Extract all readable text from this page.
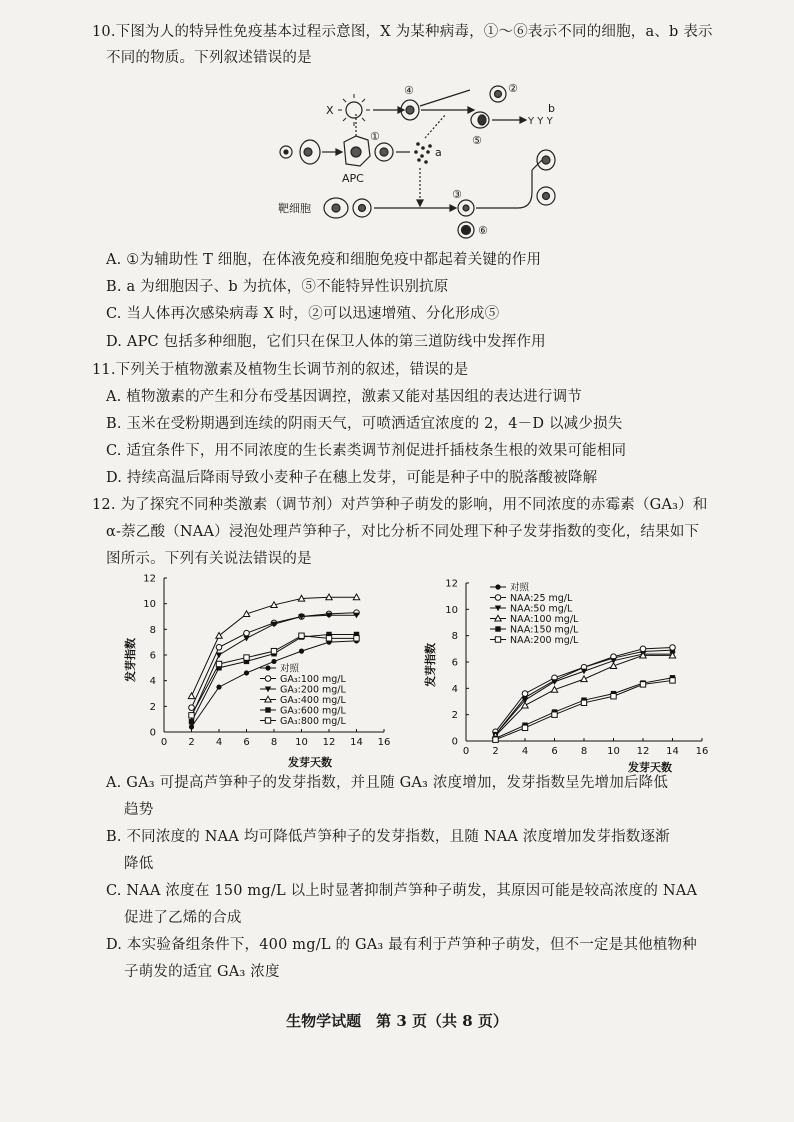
10.下图为人的特异性免疫基本过程示意图，X 为某种病毒，①～⑥表示不同的细胞，a、b 表示
不同的物质。下列叙述错误的是
Y Y Y
X
APC
靶细胞
a
b
①
②
③
④
⑤
⑥
A. ①为辅助性 T 细胞，在体液免疫和细胞免疫中都起着关键的作用
B. a 为细胞因子、b 为抗体，⑤不能特异性识别抗原
C. 当人体再次感染病毒 X 时，②可以迅速增殖、分化形成⑤
D. APC 包括多种细胞，它们只在保卫人体的第三道防线中发挥作用
11.下列关于植物激素及植物生长调节剂的叙述，错误的是
A. 植物激素的产生和分布受基因调控，激素又能对基因组的表达进行调节
B. 玉米在受粉期遇到连续的阴雨天气，可喷洒适宜浓度的 2，4－D 以减少损失
C. 适宜条件下，用不同浓度的生长素类调节剂促进扦插枝条生根的效果可能相同
D. 持续高温后降雨导致小麦种子在穗上发芽，可能是种子中的脱落酸被降解
12. 为了探究不同种类激素（调节剂）对芦笋种子萌发的影响，用不同浓度的赤霉素（GA₃）和
α-萘乙酸（NAA）浸泡处理芦笋种子，对比分析不同处理下种子发芽指数的变化，结果如下
图所示。下列有关说法错误的是
0 2 4 6 8 10 12 14 16
0
2
4
6
8
10
12
发芽天数
发芽指数	对照
GA₃:100 mg/L
GA₃:200 mg/L
GA₃:400 mg/L
GA₃:600 mg/L
GA₃:800 mg/L
0 2 4 6 8 10 12 14 16
0
2
4
6
8
10
12
发芽天数
发芽指数
对照
NAA:25 mg/L
NAA:50 mg/L
NAA:100 mg/L
NAA:150 mg/L
NAA:200 mg/L
A. GA₃ 可提高芦笋种子的发芽指数，并且随 GA₃ 浓度增加，发芽指数呈先增加后降低
趋势
B. 不同浓度的 NAA 均可降低芦笋种子的发芽指数，且随 NAA 浓度增加发芽指数逐渐
降低
C. NAA 浓度在 150 mg/L 以上时显著抑制芦笋种子萌发，其原因可能是较高浓度的 NAA
促进了乙烯的合成
D. 本实验备组条件下，400 mg/L 的 GA₃ 最有利于芦笋种子萌发，但不一定是其他植物种
子萌发的适宜 GA₃ 浓度
生物学试题　第 3 页（共 8 页）
